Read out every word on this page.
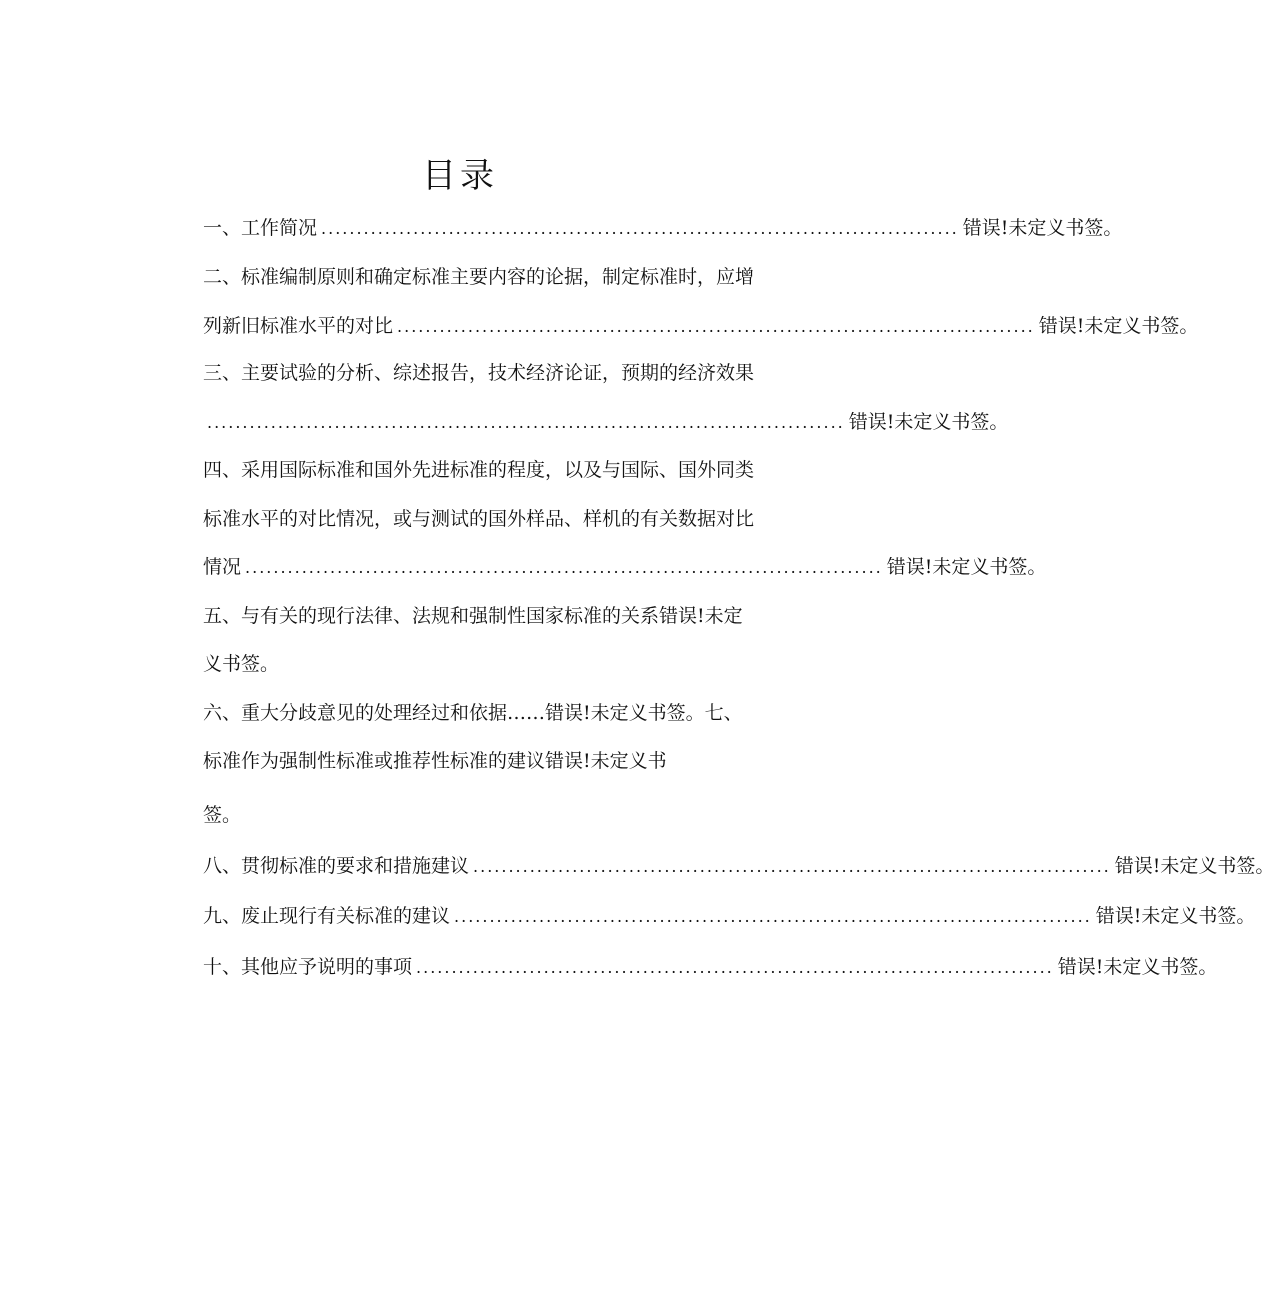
目录
一、工作简况 .......................................................................................... 错误!未定义书签。
二、标准编制原则和确定标准主要内容的论据，制定标准时，应增
列新旧标准水平的对比 .......................................................................................... 错误!未定义书签。
三、主要试验的分析、综述报告，技术经济论证，预期的经济效果
.......................................................................................... 错误!未定义书签。
四、采用国际标准和国外先进标准的程度，以及与国际、国外同类
标准水平的对比情况，或与测试的国外样品、样机的有关数据对比
情况 .......................................................................................... 错误!未定义书签。
五、与有关的现行法律、法规和强制性国家标准的关系错误!未定
义书签。
六、重大分歧意见的处理经过和依据……错误!未定义书签。七、
标准作为强制性标准或推荐性标准的建议错误!未定义书
签。
八、贯彻标准的要求和措施建议 .......................................................................................... 错误!未定义书签。
九、废止现行有关标准的建议 .......................................................................................... 错误!未定义书签。
十、其他应予说明的事项 .......................................................................................... 错误!未定义书签。
